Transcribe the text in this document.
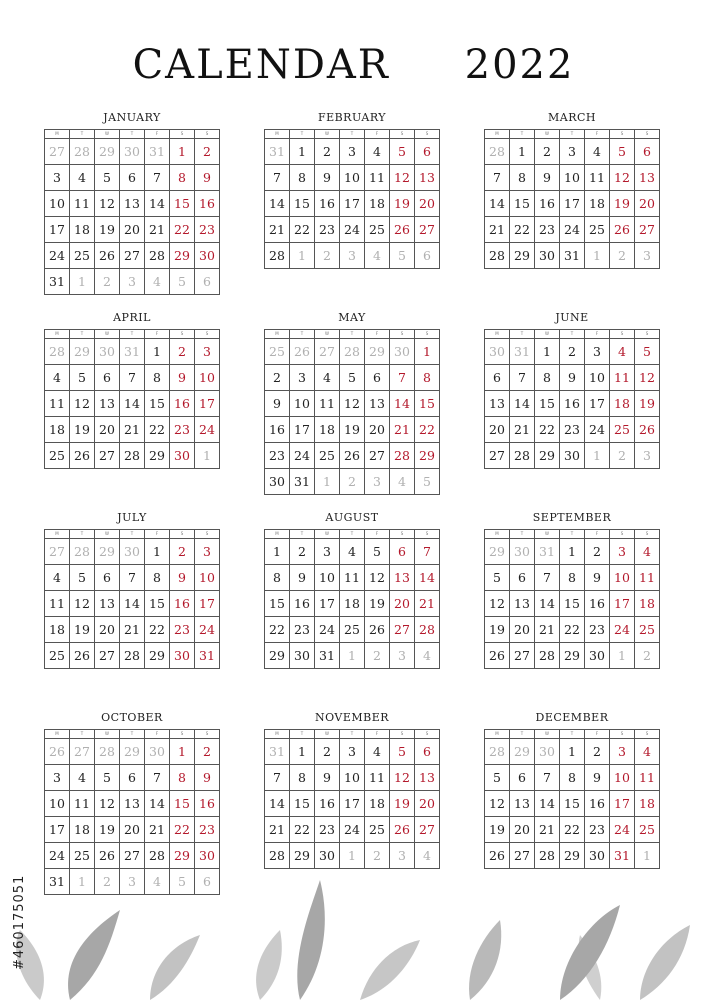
CALENDAR 2022
JANUARY
M	T	W	T	F	S	S
27 28 29 30 31	1	2
3	4	5	6	7	8	9
10 11 12 13 14 15 16
17 18 19 20 21 22 23
24 25 26 27 28 29 30
31	1	2	3	4	5	6
FEBRUARY
M	T	W	T	F	S	S
31	1	2	3	4	5	6
7	8	9	10 11 12 13
14 15 16 17 18 19 20
21 22 23 24 25 26 27
28	1	2	3	4	5	6
MARCH
M	T	W	T	F	S	S
28	1	2	3	4	5	6
7	8	9	10 11 12 13
14 15 16 17 18 19 20
21 22 23 24 25 26 27
28 29 30 31	1	2	3
APRIL
M	T	W	T	F	S	S
28 29 30 31	1	2	3
4	5	6	7	8	9	10
11 12 13 14 15 16 17
18 19 20 21 22 23 24
25 26 27 28 29 30	1
MAY
M	T	W	T	F	S	S
25 26 27 28 29 30	1
2	3	4	5	6	7	8
9	10 11 12 13 14 15
16 17 18 19 20 21 22
23 24 25 26 27 28 29
30 31	1	2	3	4	5
JUNE
M	T	W	T	F	S	S
30 31	1	2	3	4	5
6	7	8	9	10 11 12
13 14 15 16 17 18 19
20 21 22 23 24 25 26
27 28 29 30	1	2	3
JULY
M	T	W	T	F	S	S
27 28 29 30	1	2	3
4	5	6	7	8	9	10
11 12 13 14 15 16 17
18 19 20 21 22 23 24
25 26 27 28 29 30 31
AUGUST
M	T	W	T	F	S	S
1	2	3	4	5	6	7
8	9	10 11 12 13 14
15 16 17 18 19 20 21
22 23 24 25 26 27 28
29 30 31	1	2	3	4
SEPTEMBER
M	T	W	T	F	S	S
29 30 31	1	2	3	4
5	6	7	8	9	10 11
12 13 14 15 16 17 18
19 20 21 22 23 24 25
26 27 28 29 30	1	2
OCTOBER
M	T	W	T	F	S	S
26 27 28 29 30	1	2
3	4	5	6	7	8	9
10 11 12 13 14 15 16
17 18 19 20 21 22 23
24 25 26 27 28 29 30
31	1	2	3	4	5	6
NOVEMBER
M	T	W	T	F	S	S
31	1	2	3	4	5	6
7	8	9	10 11 12 13
14 15 16 17 18 19 20
21 22 23 24 25 26 27
28 29 30	1	2	3	4
DECEMBER
M	T	W	T	F	S	S
28 29 30	1	2	3	4
5	6	7	8	9	10 11
12 13 14 15 16 17 18
19 20 21 22 23 24 25
26 27 28 29 30 31	1
#460175051
